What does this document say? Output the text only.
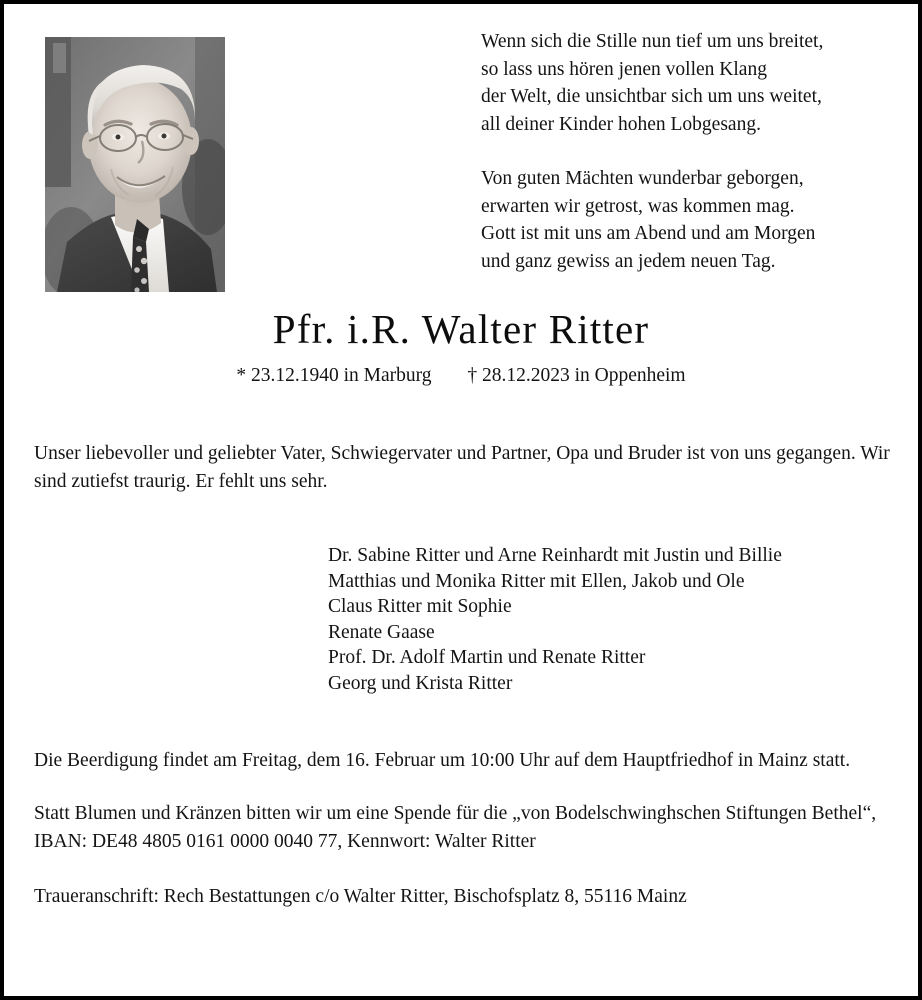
Wenn sich die Stille nun tief um uns breitet,
so lass uns hören jenen vollen Klang
der Welt, die unsichtbar sich um uns weitet,
all deiner Kinder hohen Lobgesang.
Von guten Mächten wunderbar geborgen,
erwarten wir getrost, was kommen mag.
Gott ist mit uns am Abend und am Morgen
und ganz gewiss an jedem neuen Tag.
Pfr. i.R. Walter Ritter

* 23.12.1940 in Marburg † 28.12.2023 in Oppenheim

Unser liebevoller und geliebter Vater, Schwiegervater und Partner, Opa und Bruder ist von uns gegangen. Wir sind zutiefst traurig. Er fehlt uns sehr.

Dr. Sabine Ritter und Arne Reinhardt mit Justin und Billie
Matthias und Monika Ritter mit Ellen, Jakob und Ole
Claus Ritter mit Sophie
Renate Gaase
Prof. Dr. Adolf Martin und Renate Ritter
Georg und Krista Ritter

Die Beerdigung findet am Freitag, dem 16. Februar um 10:00 Uhr auf dem Hauptfriedhof in Mainz statt.

Statt Blumen und Kränzen bitten wir um eine Spende für die „von Bodelschwinghschen Stiftungen Bethel“, IBAN: DE48 4805 0161 0000 0040 77, Kennwort: Walter Ritter

Traueranschrift: Rech Bestattungen c/o Walter Ritter, Bischofsplatz 8, 55116 Mainz
